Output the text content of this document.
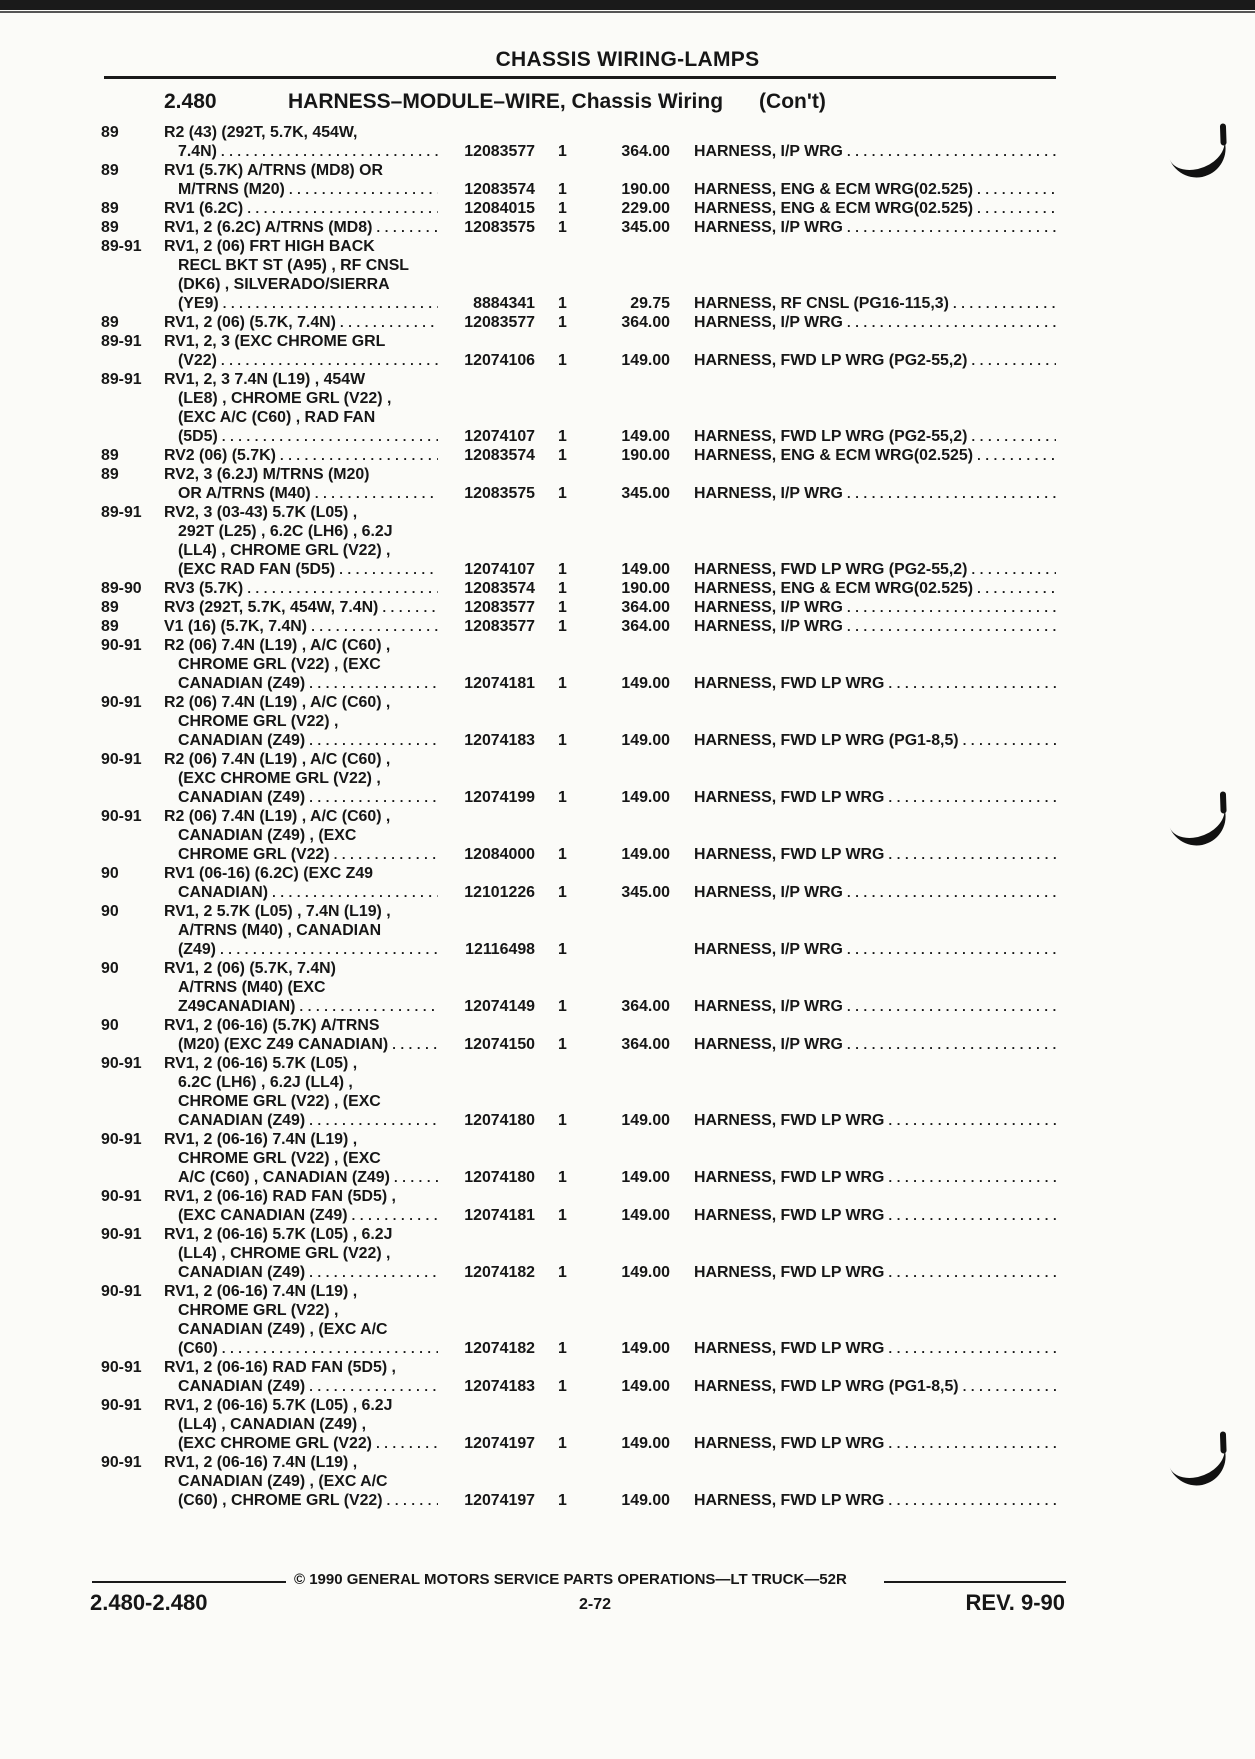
CHASSIS WIRING-LAMPS
2.480	HARNESS–MODULE–WIRE, Chassis Wiring (Con't)
89	R2 (43) (292T, 5.7K, 454W,
7.4N) . . .	12083577 1	364.00 HARNESS, I/P WRG . . .
89	RV1 (5.7K) A/TRNS (MD8) OR
M/TRNS (M20) . . .	12083574 1	190.00 HARNESS, ENG & ECM WRG(02.525) . . .
89	RV1 (6.2C) . . .	12084015 1	229.00 HARNESS, ENG & ECM WRG(02.525) . . .
89	RV1, 2 (6.2C) A/TRNS (MD8) . . .	12083575 1	345.00 HARNESS, I/P WRG . . .
89-91 RV1, 2 (06) FRT HIGH BACK
RECL BKT ST (A95) , RF CNSL
(DK6) , SILVERADO/SIERRA
(YE9) . . .	8884341 1	29.75 HARNESS, RF CNSL (PG16-115,3) . . .
89	RV1, 2 (06) (5.7K, 7.4N) . . .	12083577 1	364.00 HARNESS, I/P WRG . . .
89-91 RV1, 2, 3 (EXC CHROME GRL
(V22) . . .	12074106 1	149.00 HARNESS, FWD LP WRG (PG2-55,2) . . .
89-91 RV1, 2, 3 7.4N (L19) , 454W
(LE8) , CHROME GRL (V22) ,
(EXC A/C (C60) , RAD FAN
(5D5) . . .	12074107 1	149.00 HARNESS, FWD LP WRG (PG2-55,2) . . .
89	RV2 (06) (5.7K) . . .	12083574 1	190.00 HARNESS, ENG & ECM WRG(02.525) . . .
89	RV2, 3 (6.2J) M/TRNS (M20)
OR A/TRNS (M40) . . .	12083575 1	345.00 HARNESS, I/P WRG . . .
89-91 RV2, 3 (03-43) 5.7K (L05) ,
292T (L25) , 6.2C (LH6) , 6.2J
(LL4) , CHROME GRL (V22) ,
(EXC RAD FAN (5D5) . . .	12074107 1	149.00 HARNESS, FWD LP WRG (PG2-55,2) . . .
89-90 RV3 (5.7K) . . .	12083574 1	190.00 HARNESS, ENG & ECM WRG(02.525) . . .
89	RV3 (292T, 5.7K, 454W, 7.4N) . . .	12083577 1	364.00 HARNESS, I/P WRG . . .
89	V1 (16) (5.7K, 7.4N) . . .	12083577 1	364.00 HARNESS, I/P WRG . . .
90-91 R2 (06) 7.4N (L19) , A/C (C60) ,
CHROME GRL (V22) , (EXC
CANADIAN (Z49) . . .	12074181 1	149.00 HARNESS, FWD LP WRG . . .
90-91 R2 (06) 7.4N (L19) , A/C (C60) ,
CHROME GRL (V22) ,
CANADIAN (Z49) . . .	12074183 1	149.00 HARNESS, FWD LP WRG (PG1-8,5) . . .
90-91 R2 (06) 7.4N (L19) , A/C (C60) ,
(EXC CHROME GRL (V22) ,
CANADIAN (Z49) . . .	12074199 1	149.00 HARNESS, FWD LP WRG . . .
90-91 R2 (06) 7.4N (L19) , A/C (C60) ,
CANADIAN (Z49) , (EXC
CHROME GRL (V22) . . .	12084000 1	149.00 HARNESS, FWD LP WRG . . .
90	RV1 (06-16) (6.2C) (EXC Z49
CANADIAN) . . .	12101226 1	345.00 HARNESS, I/P WRG . . .
90	RV1, 2 5.7K (L05) , 7.4N (L19) ,
A/TRNS (M40) , CANADIAN
(Z49) . . .	12116498 1	HARNESS, I/P WRG . . .
90	RV1, 2 (06) (5.7K, 7.4N)
A/TRNS (M40) (EXC
Z49CANADIAN) . . .	12074149 1	364.00 HARNESS, I/P WRG . . .
90	RV1, 2 (06-16) (5.7K) A/TRNS
(M20) (EXC Z49 CANADIAN) . . .	12074150 1	364.00 HARNESS, I/P WRG . . .
90-91 RV1, 2 (06-16) 5.7K (L05) ,
6.2C (LH6) , 6.2J (LL4) ,
CHROME GRL (V22) , (EXC
CANADIAN (Z49) . . .	12074180 1	149.00 HARNESS, FWD LP WRG . . .
90-91 RV1, 2 (06-16) 7.4N (L19) ,
CHROME GRL (V22) , (EXC
A/C (C60) , CANADIAN (Z49) . . .	12074180 1	149.00 HARNESS, FWD LP WRG . . .
90-91 RV1, 2 (06-16) RAD FAN (5D5) ,
(EXC CANADIAN (Z49) . . .	12074181 1	149.00 HARNESS, FWD LP WRG . . .
90-91 RV1, 2 (06-16) 5.7K (L05) , 6.2J
(LL4) , CHROME GRL (V22) ,
CANADIAN (Z49) . . .	12074182 1	149.00 HARNESS, FWD LP WRG . . .
90-91 RV1, 2 (06-16) 7.4N (L19) ,
CHROME GRL (V22) ,
CANADIAN (Z49) , (EXC A/C
(C60) . . .	12074182 1	149.00 HARNESS, FWD LP WRG . . .
90-91 RV1, 2 (06-16) RAD FAN (5D5) ,
CANADIAN (Z49) . . .	12074183 1	149.00 HARNESS, FWD LP WRG (PG1-8,5) . . .
90-91 RV1, 2 (06-16) 5.7K (L05) , 6.2J
(LL4) , CANADIAN (Z49) ,
(EXC CHROME GRL (V22) . . .	12074197 1	149.00 HARNESS, FWD LP WRG . . .
90-91 RV1, 2 (06-16) 7.4N (L19) ,
CANADIAN (Z49) , (EXC A/C
(C60) , CHROME GRL (V22) . . .	12074197 1	149.00 HARNESS, FWD LP WRG . . .
© 1990 GENERAL MOTORS SERVICE PARTS OPERATIONS—LT TRUCK—52R
2.480-2.480	2-72	REV. 9-90
